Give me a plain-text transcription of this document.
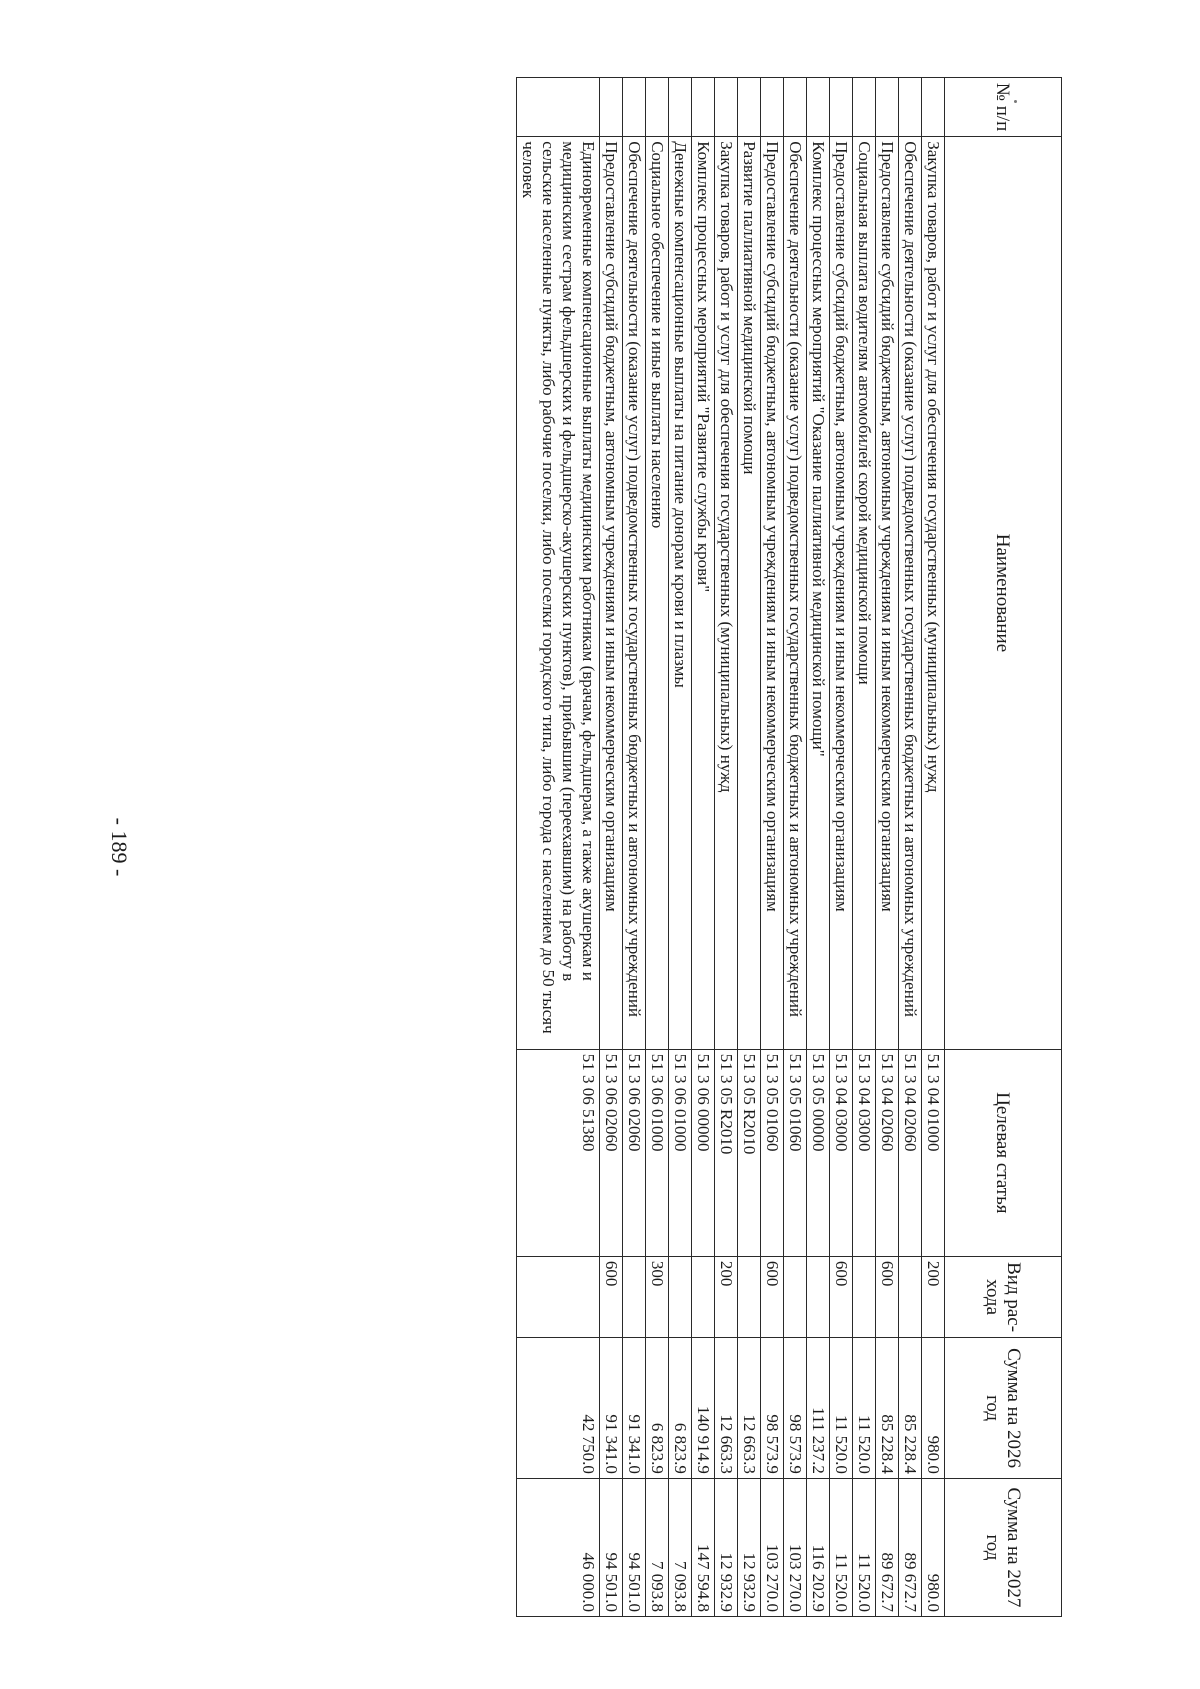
№ п/п	Наименование	Целевая статья	Вид рас-хода	Сумма на 2026 год	Сумма на 2027 год
	Закупка товаров, работ и услуг для обеспечения государственных (муниципальных) нужд	51 3 04 01000	200	980.0	980.0
	Обеспечение деятельности (оказание услуг) подведомственных государственных бюджетных и автономных учреждений	51 3 04 02060		85 228.4	89 672.7
	Предоставление субсидий бюджетным, автономным учреждениям и иным некоммерческим организациям	51 3 04 02060	600	85 228.4	89 672.7
	Социальная выплата водителям автомобилей скорой медицинской помощи	51 3 04 03000		11 520.0	11 520.0
	Предоставление субсидий бюджетным, автономным учреждениям и иным некоммерческим организациям	51 3 04 03000	600	11 520.0	11 520.0
	Комплекс процессных мероприятий "Оказание паллиативной медицинской помощи"	51 3 05 00000		111 237.2	116 202.9
	Обеспечение деятельности (оказание услуг) подведомственных государственных бюджетных и автономных учреждений	51 3 05 01060		98 573.9	103 270.0
	Предоставление субсидий бюджетным, автономным учреждениям и иным некоммерческим организациям	51 3 05 01060	600	98 573.9	103 270.0
	Развитие паллиативной медицинской помощи	51 3 05 R2010		12 663.3	12 932.9
	Закупка товаров, работ и услуг для обеспечения государственных (муниципальных) нужд	51 3 05 R2010	200	12 663.3	12 932.9
	Комплекс процессных мероприятий "Развитие службы крови"	51 3 06 00000		140 914.9	147 594.8
	Денежные компенсационные выплаты на питание донорам крови и плазмы	51 3 06 01000		6 823.9	7 093.8
	Социальное обеспечение и иные выплаты населению	51 3 06 01000	300	6 823.9	7 093.8
	Обеспечение деятельности (оказание услуг) подведомственных государственных бюджетных и автономных учреждений	51 3 06 02060		91 341.0	94 501.0
	Предоставление субсидий бюджетным, автономным учреждениям и иным некоммерческим организациям	51 3 06 02060	600	91 341.0	94 501.0
	Единовременные компенсационные выплаты медицинским работникам (врачам, фельдшерам, а также акушеркам и медицинским сестрам фельдшерских и фельдшерско-акушерских пунктов), прибывшим (переехавшим) на работу в сельские населенные пункты, либо рабочие поселки, либо поселки городского типа, либо города с населением до 50 тысяч человек	51 3 06 51380		42 750.0	46 000.0
- 189 -
